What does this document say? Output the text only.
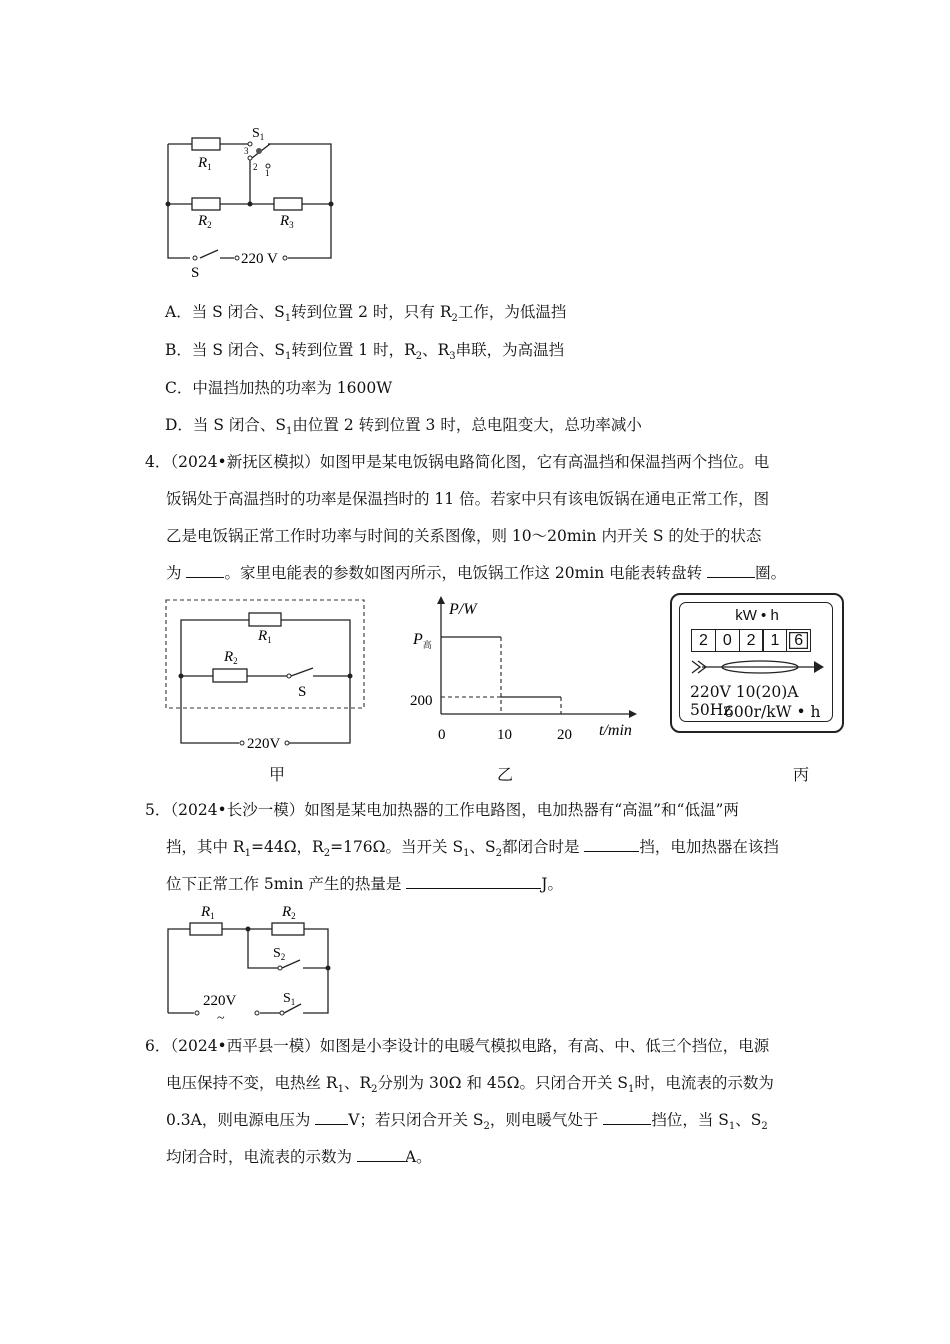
$S_1$
3
2
1
$R_1$
$R_2$	$R_3$
S
220 V
A．当 S 闭合、$S_1$转到位置 2 时，只有 $R_2$工作，为低温挡
B．当 S 闭合、$S_1$转到位置 1 时，$R_2$、$R_3$串联，为高温挡
C．中温挡加热的功率为 1600W
D．当 S 闭合、$S_1$由位置 2 转到位置 3 时，总电阻变大，总功率减小
4．（2024•新抚区模拟）如图甲是某电饭锅电路简化图，它有高温挡和保温挡两个挡位。电
饭锅处于高温挡时的功率是保温挡时的 11 倍。若家中只有该电饭锅在通电正常工作，图
乙是电饭锅正常工作时功率与时间的关系图像，则 10～20min 内开关 S 的处于的状态
为 。家里电能表的参数如图丙所示，电饭锅工作这 20min 电能表转盘转	圈。
$R_1$
$R_2$
S
220V
P/W
t/min
$P_高$
200
0	10	20
kW • h
2 0 2 1 6
220V 10(20)A 50Hz
600r/kW • h
甲	乙	丙
5．（2024•长沙一模）如图是某电加热器的工作电路图，电加热器有“高温”和“低温”两
挡，其中 $R_1=44\Omega$，$R_2=176\Omega$。当开关 $S_1$、$S_2$都闭合时是	挡，电加热器在该挡
位下正常工作 5min 产生的热量是	J。
$R_1$	$R_2$
$S_2$
$S_1$
220V
~
6．（2024•西平县一模）如图是小李设计的电暖气模拟电路，有高、中、低三个挡位，电源
电压保持不变，电热丝 $R_1$、$R_2$分别为 30Ω 和 45Ω。只闭合开关 $S_1$时，电流表的示数为
0.3A，则电源电压为 V；若只闭合开关 $S_2$，则电暖气处于	挡位，当 $S_1$、$S_2$
均闭合时，电流表的示数为	A。
